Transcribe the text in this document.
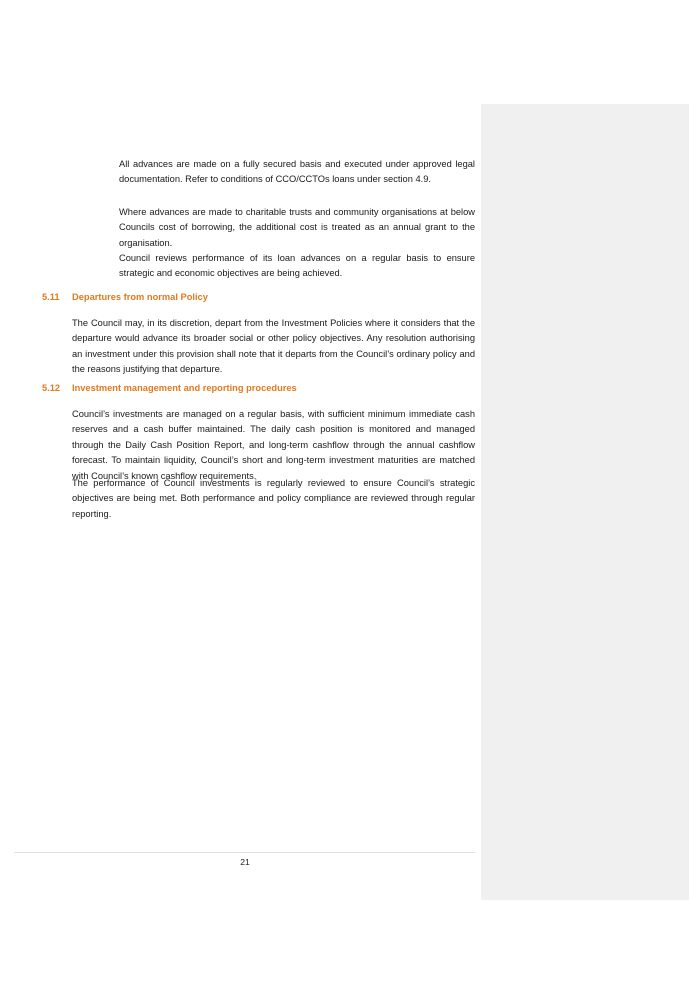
All advances are made on a fully secured basis and executed under approved legal documentation. Refer to conditions of CCO/CCTOs loans under section 4.9.

Where advances are made to charitable trusts and community organisations at below Councils cost of borrowing, the additional cost is treated as an annual grant to the organisation.

Council reviews performance of its loan advances on a regular basis to ensure strategic and economic objectives are being achieved.

5.11 Departures from normal Policy

The Council may, in its discretion, depart from the Investment Policies where it considers that the departure would advance its broader social or other policy objectives. Any resolution authorising an investment under this provision shall note that it departs from the Council’s ordinary policy and the reasons justifying that departure.

5.12 Investment management and reporting procedures

Council’s investments are managed on a regular basis, with sufficient minimum immediate cash reserves and a cash buffer maintained. The daily cash position is monitored and managed through the Daily Cash Position Report, and long-term cashflow through the annual cashflow forecast. To maintain liquidity, Council’s short and long-term investment maturities are matched with Council’s known cashflow requirements.

The performance of Council investments is regularly reviewed to ensure Council’s strategic objectives are being met. Both performance and policy compliance are reviewed through regular reporting.

21
